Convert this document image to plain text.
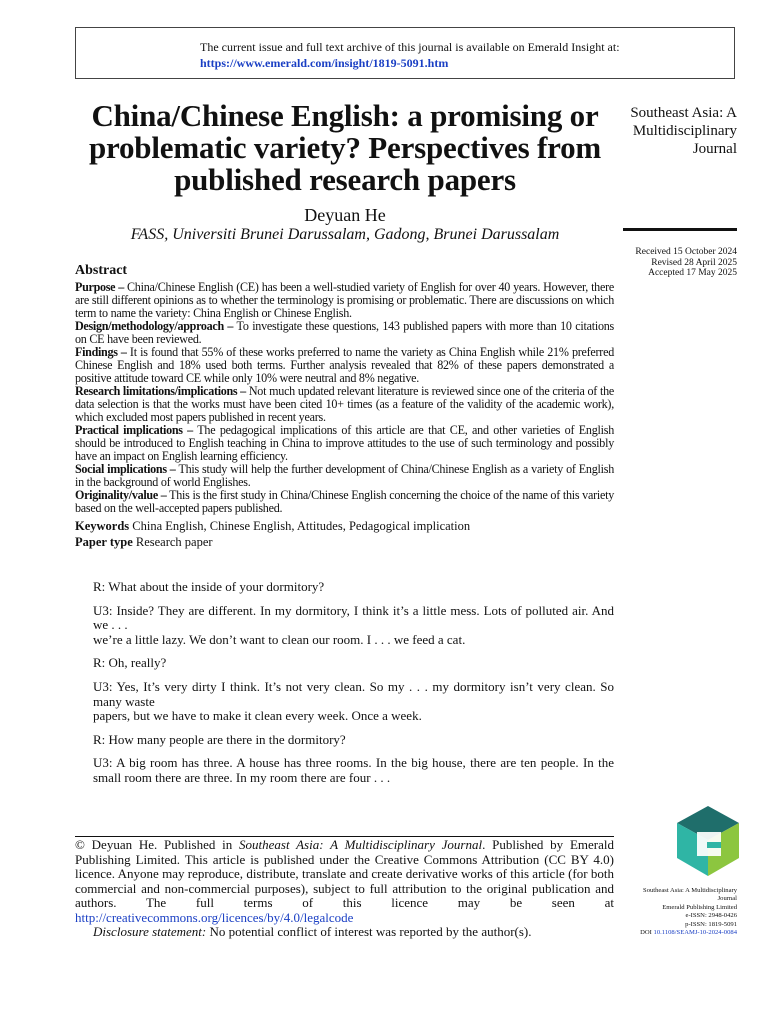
The current issue and full text archive of this journal is available on Emerald Insight at:
https://www.emerald.com/insight/1819-5091.htm
China/Chinese English: a promising or problematic variety? Perspectives from published research papers
Deyuan He
FASS, Universiti Brunei Darussalam, Gadong, Brunei Darussalam
Southeast Asia: A Multidisciplinary Journal
Received 15 October 2024
Revised 28 April 2025
Accepted 17 May 2025
Abstract

Purpose – China/Chinese English (CE) has been a well-studied variety of English for over 40 years. However, there are still different opinions as to whether the terminology is promising or problematic. There are discussions on which term to name the variety: China English or Chinese English.

Design/methodology/approach – To investigate these questions, 143 published papers with more than 10 citations on CE have been reviewed.

Findings – It is found that 55% of these works preferred to name the variety as China English while 21% preferred Chinese English and 18% used both terms. Further analysis revealed that 82% of these papers demonstrated a positive attitude toward CE while only 10% were neutral and 8% negative.

Research limitations/implications – Not much updated relevant literature is reviewed since one of the criteria of the data selection is that the works must have been cited 10+ times (as a feature of the validity of the academic work), which excluded most papers published in recent years.

Practical implications – The pedagogical implications of this article are that CE, and other varieties of English should be introduced to English teaching in China to improve attitudes to the use of such terminology and possibly have an impact on English learning efficiency.

Social implications – This study will help the further development of China/Chinese English as a variety of English in the background of world Englishes.

Originality/value – This is the first study in China/Chinese English concerning the choice of the name of this variety based on the well-accepted papers published.

Keywords China English, Chinese English, Attitudes, Pedagogical implication
Paper type Research paper

R: What about the inside of your dormitory?

U3: Inside? They are different. In my dormitory, I think it’s a little mess. Lots of polluted air. And we . . .
we’re a little lazy. We don’t want to clean our room. I . . . we feed a cat.

R: Oh, really?

U3: Yes, It’s very dirty I think. It’s not very clean. So my . . . my dormitory isn’t very clean. So many waste
papers, but we have to make it clean every week. Once a week.

R: How many people are there in the dormitory?

U3: A big room has three. A house has three rooms. In the big house, there are ten people. In the small room there are three. In my room there are four . . .

© Deyuan He. Published in Southeast Asia: A Multidisciplinary Journal. Published by Emerald Publishing Limited. This article is published under the Creative Commons Attribution (CC BY 4.0) licence. Anyone may reproduce, distribute, translate and create derivative works of this article (for both commercial and non-commercial purposes), subject to full attribution to the original publication and authors. The full terms of this licence may be seen at http://creativecommons.org/licences/by/4.0/legalcode
Disclosure statement: No potential conflict of interest was reported by the author(s).
Southeast Asia: A Multidisciplinary
Journal
Emerald Publishing Limited
e-ISSN: 2948-0426
p-ISSN: 1819-5091
DOI 10.1108/SEAMJ-10-2024-0084
